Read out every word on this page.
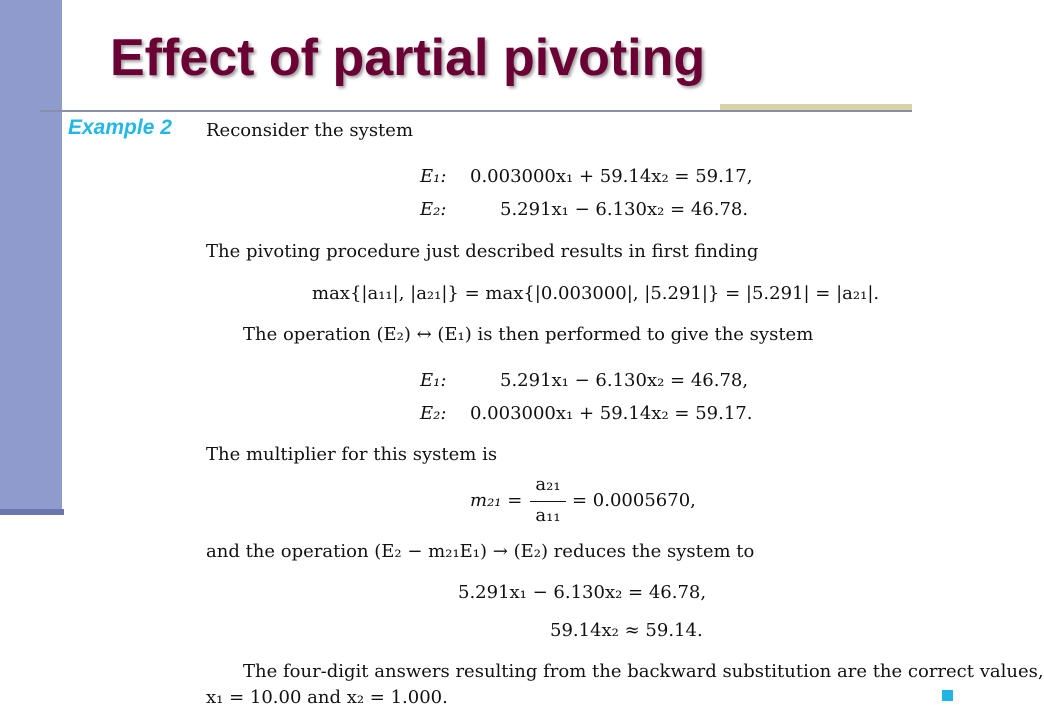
Effect of partial pivoting
Example 2 Reconsider the system
E₁: 0.003000x₁ + 59.14x₂ = 59.17,
E₂:	5.291x₁ − 6.130x₂ = 46.78.
The pivoting procedure just described results in first finding
max{|a₁₁|, |a₂₁|} = max{|0.003000|, |5.291|} = |5.291| = |a₂₁|.
The operation (E₂) ↔ (E₁) is then performed to give the system
E₁:	5.291x₁ − 6.130x₂ = 46.78,
E₂: 0.003000x₁ + 59.14x₂ = 59.17.
The multiplier for this system is
m₂₁ =
a₂₁
a₁₁
= 0.0005670,
and the operation (E₂ − m₂₁E₁) → (E₂) reduces the system to
5.291x₁ − 6.130x₂ = 46.78,
59.14x₂ ≈ 59.14.
The four-digit answers resulting from the backward substitution are the correct values,
x₁ = 10.00 and x₂ = 1.000.
